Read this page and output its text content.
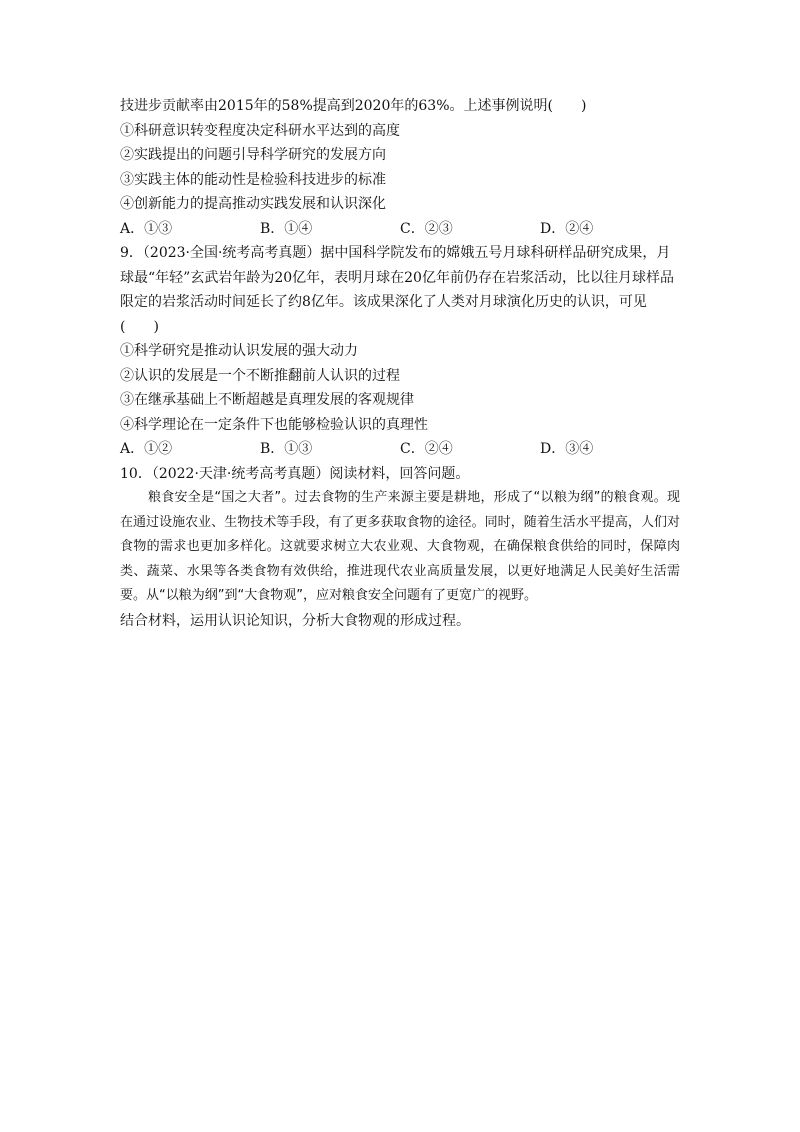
技进步贡献率由2015年的58%提高到2020年的63%。上述事例说明(　　)
①科研意识转变程度决定科研水平达到的高度
②实践提出的问题引导科学研究的发展方向
③实践主体的能动性是检验科技进步的标准
④创新能力的提高推动实践发展和认识深化
A．①③	B．①④	C．②③	D．②④
9．（2023·全国·统考高考真题）据中国科学院发布的嫦娥五号月球科研样品研究成果，月球最“年轻”玄武岩年龄为20亿年，表明月球在20亿年前仍存在岩浆活动，比以往月球样品限定的岩浆活动时间延长了约8亿年。该成果深化了人类对月球演化历史的认识，可见(　　)
①科学研究是推动认识发展的强大动力
②认识的发展是一个不断推翻前人认识的过程
③在继承基础上不断超越是真理发展的客观规律
④科学理论在一定条件下也能够检验认识的真理性
A．①②	B．①③	C．②④	D．③④
10．（2022·天津·统考高考真题）阅读材料，回答问题。
粮食安全是“国之大者”。过去食物的生产来源主要是耕地，形成了“以粮为纲”的粮食观。现在通过设施农业、生物技术等手段，有了更多获取食物的途径。同时，随着生活水平提高，人们对食物的需求也更加多样化。这就要求树立大农业观、大食物观，在确保粮食供给的同时，保障肉类、蔬菜、水果等各类食物有效供给，推进现代农业高质量发展，以更好地满足人民美好生活需要。从“以粮为纲”到“大食物观”，应对粮食安全问题有了更宽广的视野。
结合材料，运用认识论知识，分析大食物观的形成过程。
